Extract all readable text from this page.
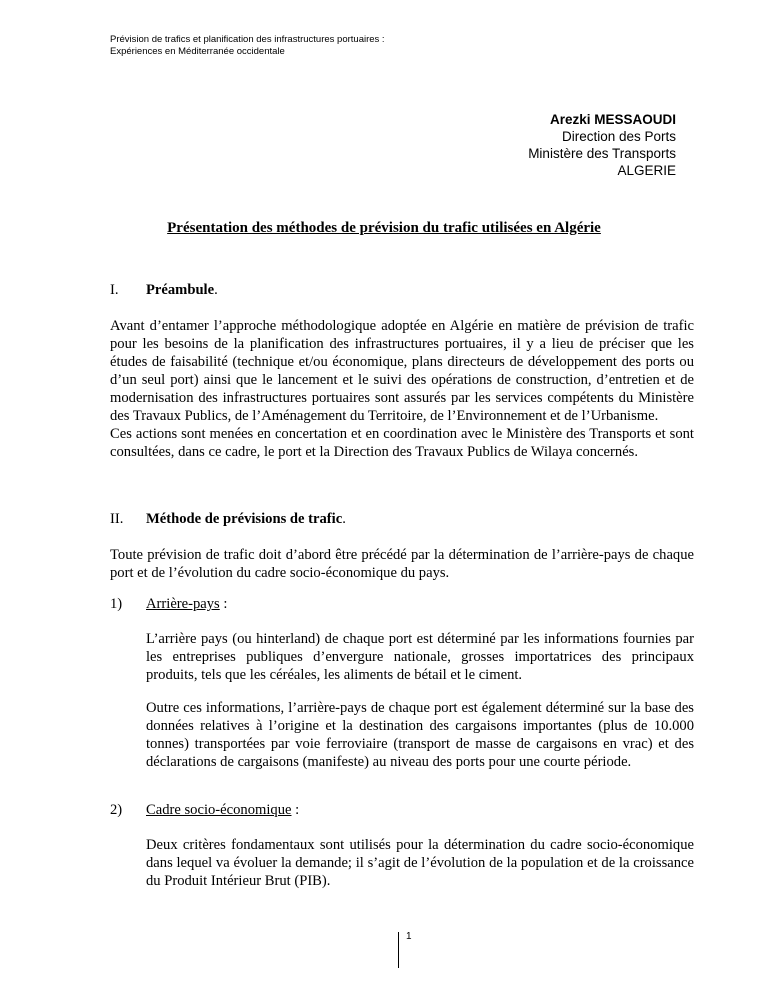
Prévision de trafics et planification des infrastructures portuaires :
Expériences en Méditerranée occidentale
Arezki MESSAOUDI
Direction des Ports
Ministère des Transports
ALGERIE
Présentation des méthodes de prévision du trafic utilisées en Algérie
I. Préambule.

Avant d’entamer l’approche méthodologique adoptée en Algérie en matière de prévision de trafic pour les besoins de la planification des infrastructures portuaires, il y a lieu de préciser que les études de faisabilité (technique et/ou économique, plans directeurs de développement des ports ou d’un seul port) ainsi que le lancement et le suivi des opérations de construction, d’entretien et de modernisation des infrastructures portuaires sont assurés par les services compétents du Ministère des Travaux Publics, de l’Aménagement du Territoire, de l’Environnement et de l’Urbanisme.

Ces actions sont menées en concertation et en coordination avec le Ministère des Transports et sont consultées, dans ce cadre, le port et la Direction des Travaux Publics de Wilaya concernés.

II. Méthode de prévisions de trafic.

Toute prévision de trafic doit d’abord être précédé par la détermination de l’arrière-pays de chaque port et de l’évolution du cadre socio-économique du pays.

1) Arrière-pays :

L’arrière pays (ou hinterland) de chaque port est déterminé par les informations fournies par les entreprises publiques d’envergure nationale, grosses importatrices des principaux produits, tels que les céréales, les aliments de bétail et le ciment.

Outre ces informations, l’arrière-pays de chaque port est également déterminé sur la base des données relatives à l’origine et la destination des cargaisons importantes (plus de 10.000 tonnes) transportées par voie ferroviaire (transport de masse de cargaisons en vrac) et des déclarations de cargaisons (manifeste) au niveau des ports pour une courte période.

2) Cadre socio-économique :

Deux critères fondamentaux sont utilisés pour la détermination du cadre socio-économique dans lequel va évoluer la demande; il s’agit de l’évolution de la population et de la croissance du Produit Intérieur Brut (PIB).

1
